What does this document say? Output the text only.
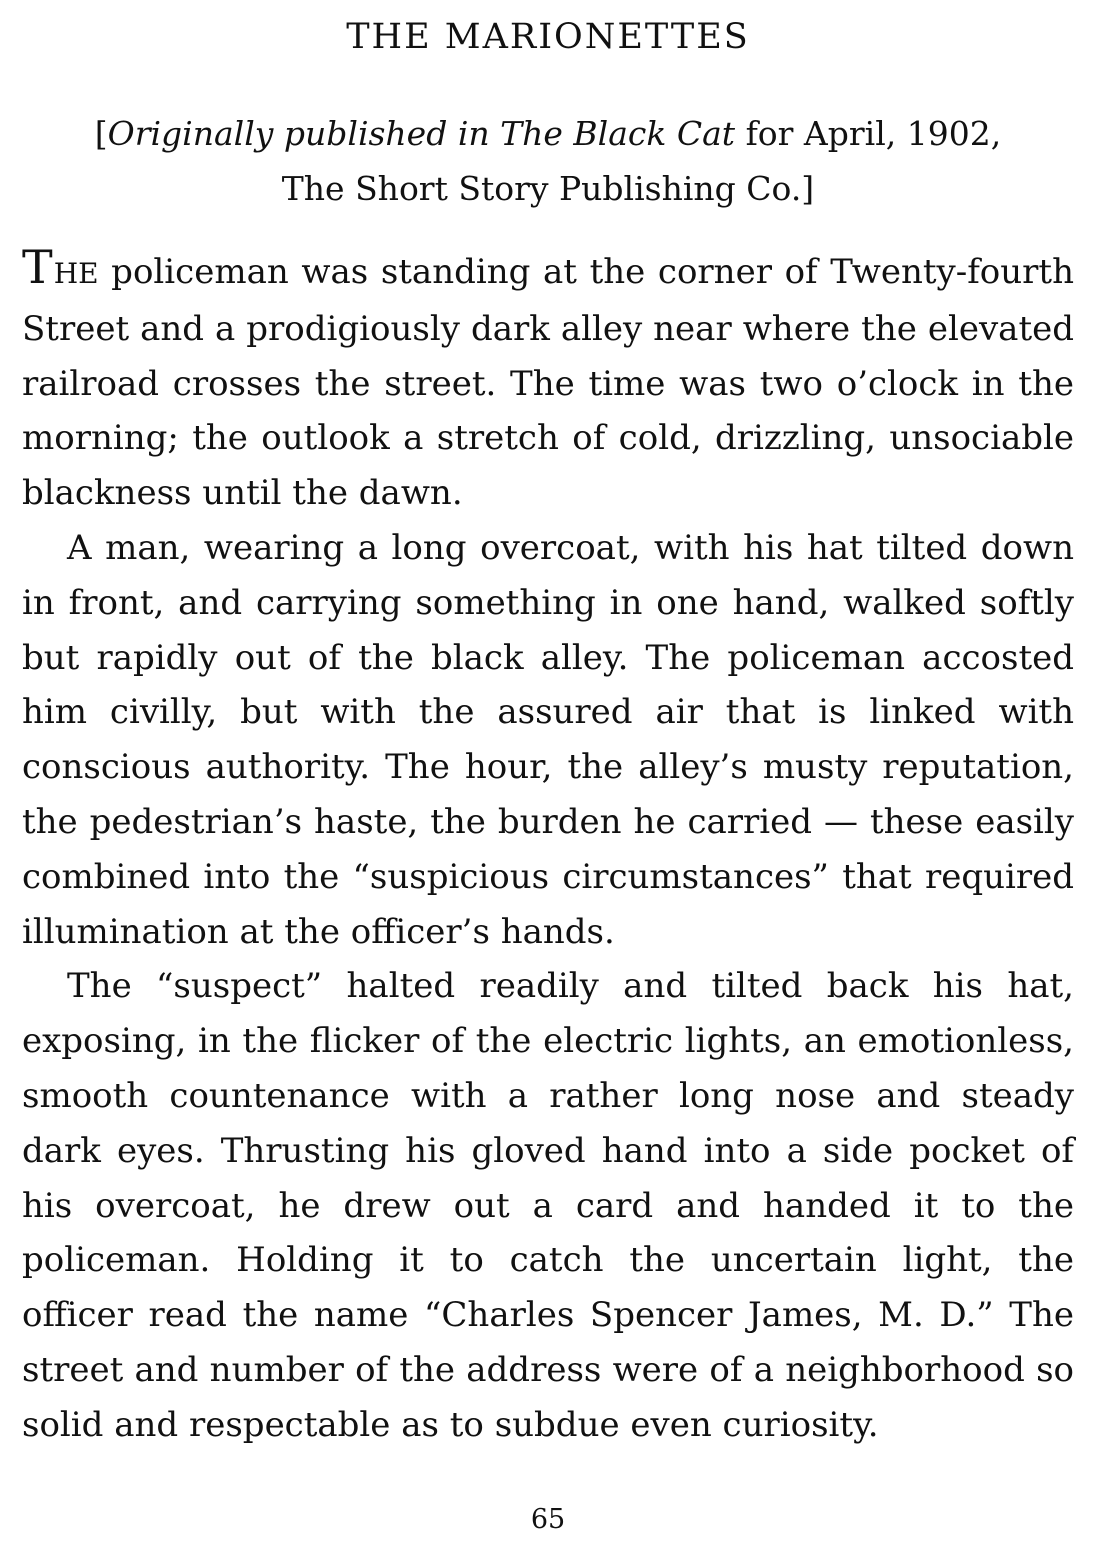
THE MARIONETTES

[Originally published in The Black Cat for April, 1902,
The Short Story Publishing Co.]

THE policeman was standing at the corner of Twenty-fourth Street and a prodigiously dark alley near where the elevated railroad crosses the street. The time was two o’clock in the morning; the outlook a stretch of cold, drizzling, unsociable blackness until the dawn.

A man, wearing a long overcoat, with his hat tilted down in front, and carrying something in one hand, walked softly but rapidly out of the black alley. The policeman accosted him civilly, but with the assured air that is linked with conscious authority. The hour, the alley’s musty reputation, the pedestrian’s haste, the burden he carried — these easily combined into the “suspicious circumstances” that required illumination at the officer’s hands.

The “suspect” halted readily and tilted back his hat, exposing, in the flicker of the electric lights, an emotionless, smooth countenance with a rather long nose and steady dark eyes. Thrusting his gloved hand into a side pocket of his overcoat, he drew out a card and handed it to the policeman. Holding it to catch the uncertain light, the officer read the name “Charles Spencer James, M. D.” The street and number of the address were of a neighborhood so solid and respectable as to subdue even curiosity.

65
